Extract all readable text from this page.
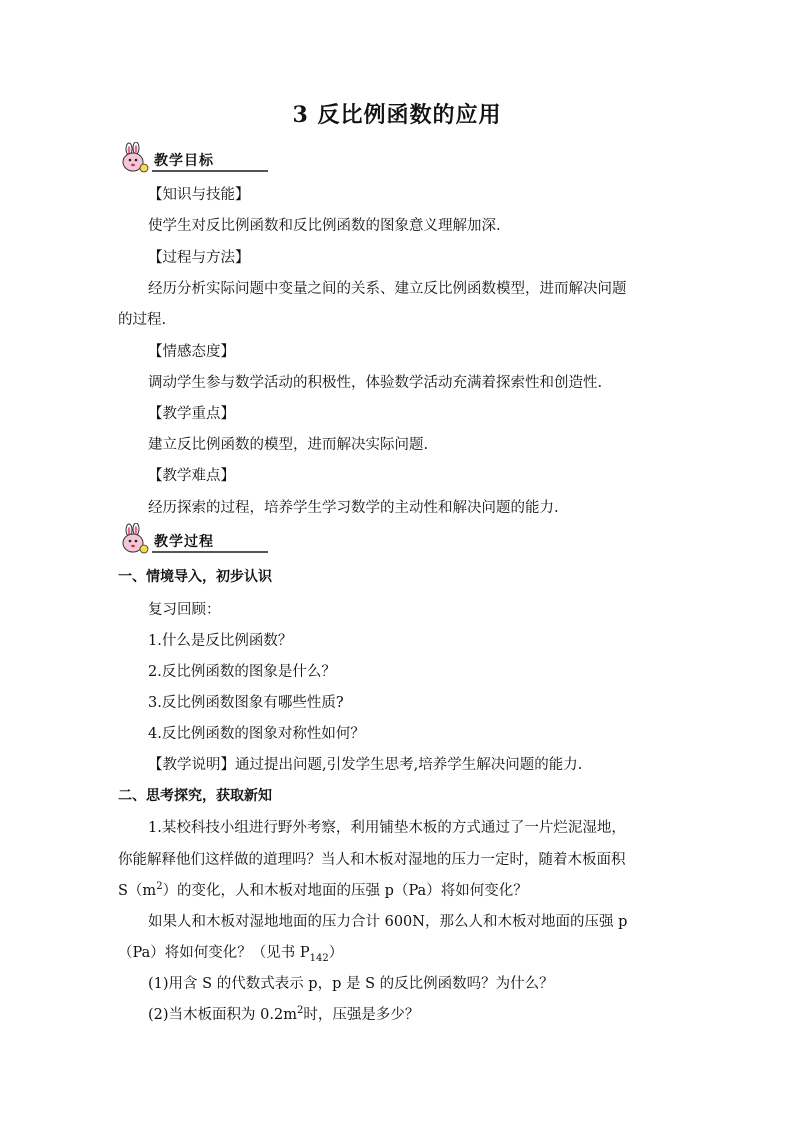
3 反比例函数的应用
教学目标
【知识与技能】
使学生对反比例函数和反比例函数的图象意义理解加深.
【过程与方法】
经历分析实际问题中变量之间的关系、建立反比例函数模型，进而解决问题
的过程.
【情感态度】
调动学生参与数学活动的积极性，体验数学活动充满着探索性和创造性.
【教学重点】
建立反比例函数的模型，进而解决实际问题.
【教学难点】
经历探索的过程，培养学生学习数学的主动性和解决问题的能力.
教学过程
一、情境导入，初步认识
复习回顾：
1.什么是反比例函数？
2.反比例函数的图象是什么？
3.反比例函数图象有哪些性质?
4.反比例函数的图象对称性如何？
【教学说明】通过提出问题,引发学生思考,培养学生解决问题的能力.
二、思考探究，获取新知
1.某校科技小组进行野外考察，利用铺垫木板的方式通过了一片烂泥湿地，
你能解释他们这样做的道理吗？当人和木板对湿地的压力一定时，随着木板面积
$S(m^2)$的变化，人和木板对地面的压强 p（Pa）将如何变化？
如果人和木板对湿地地面的压力合计 600N，那么人和木板对地面的压强 p
（Pa）将如何变化？（见书 $P_{142}$）
(1)用含 S 的代数式表示 p，p 是 S 的反比例函数吗？为什么？
(2)当木板面积为 $0.2m^2$时，压强是多少？
